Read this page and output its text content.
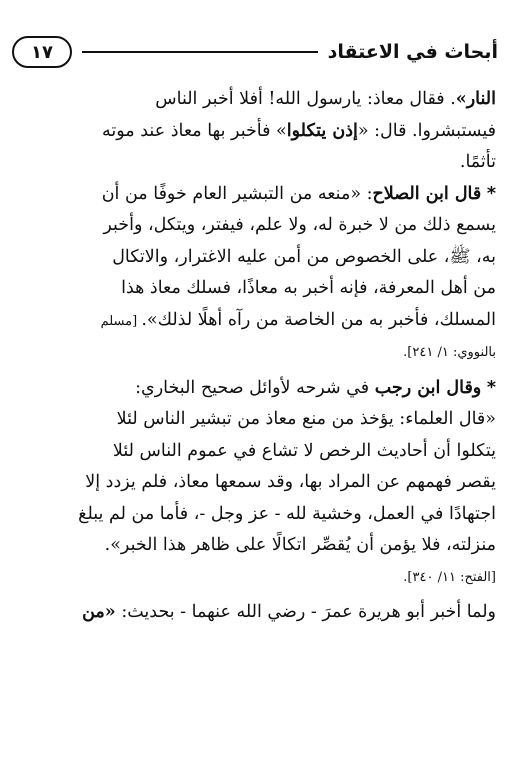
أبحاث في الاعتقاد
١٧

النار». فقال معاذ: يارسول الله! أفلا أخبر الناس
فيستبشروا. قال: «إذن يتكلوا» فأخبر بها معاذ عند موته
تأثمًا.

* قال ابن الصلاح: «منعه من التبشير العام خوفًا من أن
يسمع ذلك من لا خبرة له، ولا علم، فيفتر، ويتكل، وأخبر
به، ﷺ، على الخصوص من أمن عليه الاغترار، والاتكال
من أهل المعرفة، فإنه أخبر به معاذًا، فسلك معاذ هذا
المسلك، فأخبر به من الخاصة من رآه أهلًا لذلك». [مسلم
بالنووي: ١/ ٢٤١].

* وقال ابن رجب في شرحه لأوائل صحيح البخاري:
«قال العلماء: يؤخذ من منع معاذ من تبشير الناس لئلا
يتكلوا أن أحاديث الرخص لا تشاع في عموم الناس لئلا
يقصر فهمهم عن المراد بها، وقد سمعها معاذ، فلم يزدد إلا
اجتهادًا في العمل، وخشية لله - عز وجل -، فأما من لم يبلغ
منزلته، فلا يؤمن أن يُقصِّر اتكالًا على ظاهر هذا الخبر».
[الفتح: ١١/ ٣٤٠].

ولما أخبر أبو هريرة عمرَ - رضي الله عنهما - بحديث: «من
